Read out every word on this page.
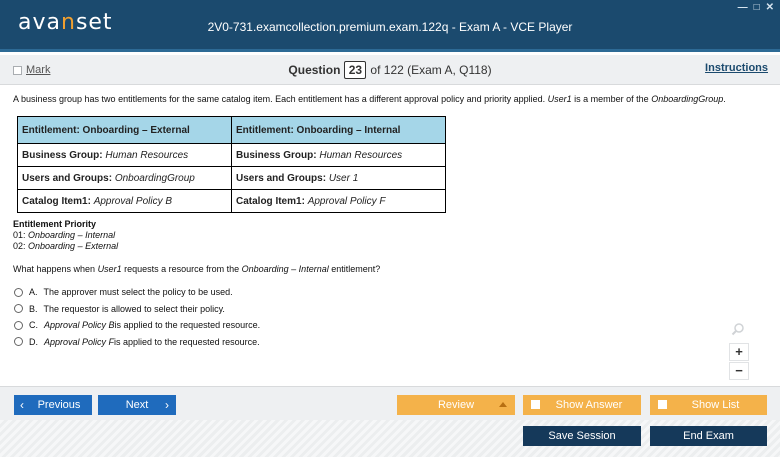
avanset	2V0-731.examcollection.premium.exam.122q - Exam A - VCE Player
— □ ✕
Mark	Question 23 of 122 (Exam A, Q118)	Instructions
A business group has two entitlements for the same catalog item. Each entitlement has a different approval policy and priority applied. User1 is a member of the OnboardingGroup.
Entitlement: Onboarding – External	Entitlement: Onboarding – Internal
Business Group: Human Resources	Business Group: Human Resources
Users and Groups: OnboardingGroup	Users and Groups: User 1
Catalog Item1: Approval Policy B	Catalog Item1: Approval Policy F
Entitlement Priority
01: Onboarding – Internal
02: Onboarding – External
What happens when User1 requests a resource from the Onboarding – Internal entitlement?
A. The approver must select the policy to be used.
B. The requestor is allowed to select their policy.
C. Approval Policy B is applied to the requested resource.
D. Approval Policy F is applied to the requested resource.
+
−
‹ Previous	Next ›	Review	Show Answer	Show List
Save Session	End Exam
